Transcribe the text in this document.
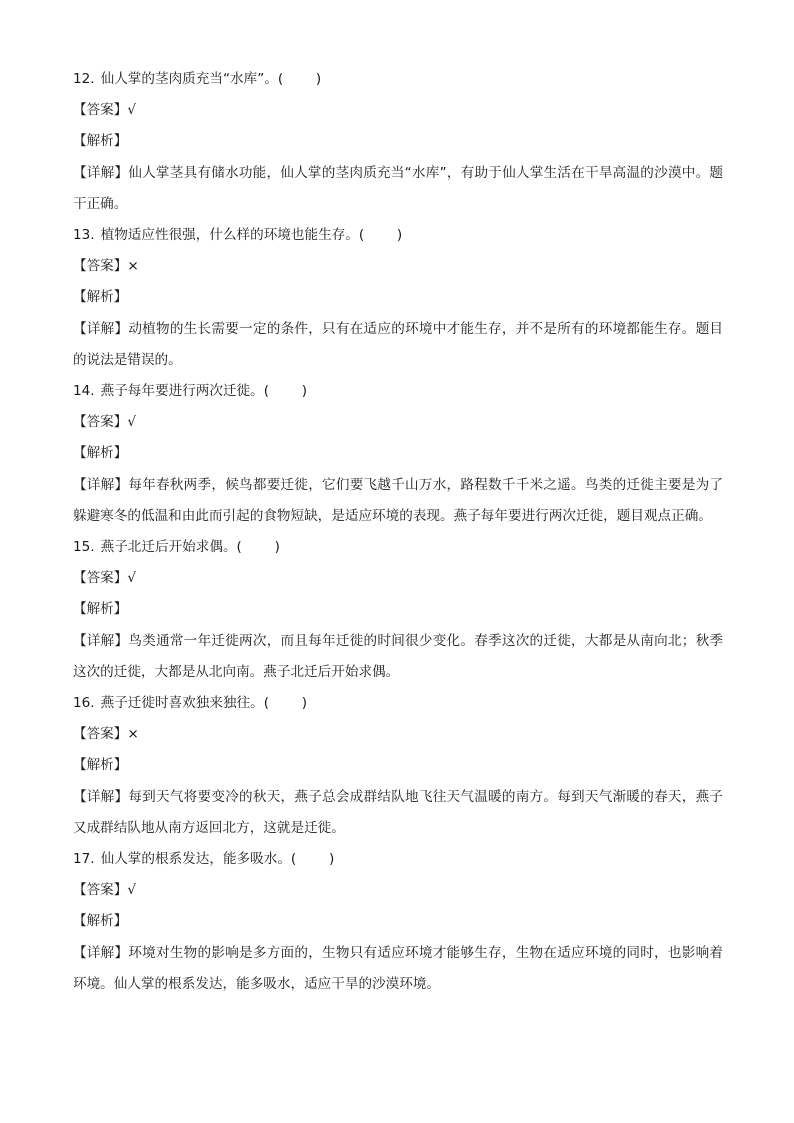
12. 仙人掌的茎肉质充当“水库”。( )
【答案】√
【解析】
【详解】仙人掌茎具有储水功能，仙人掌的茎肉质充当“水库”，有助于仙人掌生活在干旱高温的沙漠中。题干正确。
13. 植物适应性很强，什么样的环境也能生存。( )
【答案】×
【解析】
【详解】动植物的生长需要一定的条件，只有在适应的环境中才能生存，并不是所有的环境都能生存。题目的说法是错误的。
14. 燕子每年要进行两次迁徙。( )
【答案】√
【解析】
【详解】每年春秋两季，候鸟都要迁徙，它们要飞越千山万水，路程数千千米之遥。鸟类的迁徙主要是为了躲避寒冬的低温和由此而引起的食物短缺，是适应环境的表现。燕子每年要进行两次迁徙，题目观点正确。
15. 燕子北迁后开始求偶。( )
【答案】√
【解析】
【详解】鸟类通常一年迁徙两次，而且每年迁徙的时间很少变化。春季这次的迁徙，大都是从南向北；秋季这次的迁徙，大都是从北向南。燕子北迁后开始求偶。
16. 燕子迁徙时喜欢独来独往。( )
【答案】×
【解析】
【详解】每到天气将要变冷的秋天，燕子总会成群结队地飞往天气温暖的南方。每到天气渐暖的春天，燕子又成群结队地从南方返回北方，这就是迁徙。
17. 仙人掌的根系发达，能多吸水。( )
【答案】√
【解析】
【详解】环境对生物的影响是多方面的，生物只有适应环境才能够生存，生物在适应环境的同时，也影响着环境。仙人掌的根系发达，能多吸水，适应干旱的沙漠环境。
